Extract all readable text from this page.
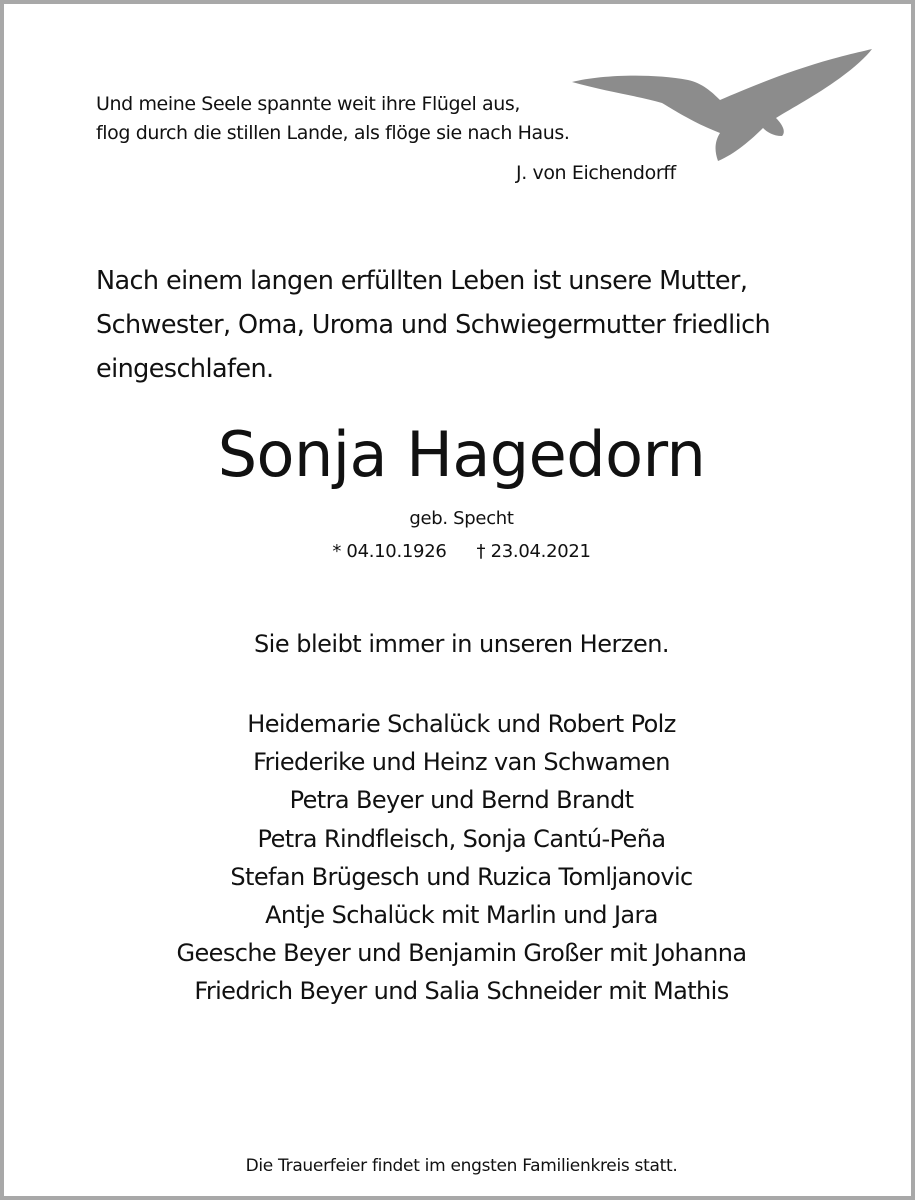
Und meine Seele spannte weit ihre Flügel aus,
flog durch die stillen Lande, als flöge sie nach Haus.
J. von Eichendorff
Nach einem langen erfüllten Leben ist unsere Mutter,
Schwester, Oma, Uroma und Schwiegermutter friedlich
eingeschlafen.
Sonja Hagedorn
geb. Specht
* 04.10.1926 † 23.04.2021
Sie bleibt immer in unseren Herzen.
Heidemarie Schalück und Robert Polz
Friederike und Heinz van Schwamen
Petra Beyer und Bernd Brandt
Petra Rindfleisch, Sonja Cantú-Peña
Stefan Brügesch und Ruzica Tomljanovic
Antje Schalück mit Marlin und Jara
Geesche Beyer und Benjamin Großer mit Johanna
Friedrich Beyer und Salia Schneider mit Mathis
Die Trauerfeier findet im engsten Familienkreis statt.
